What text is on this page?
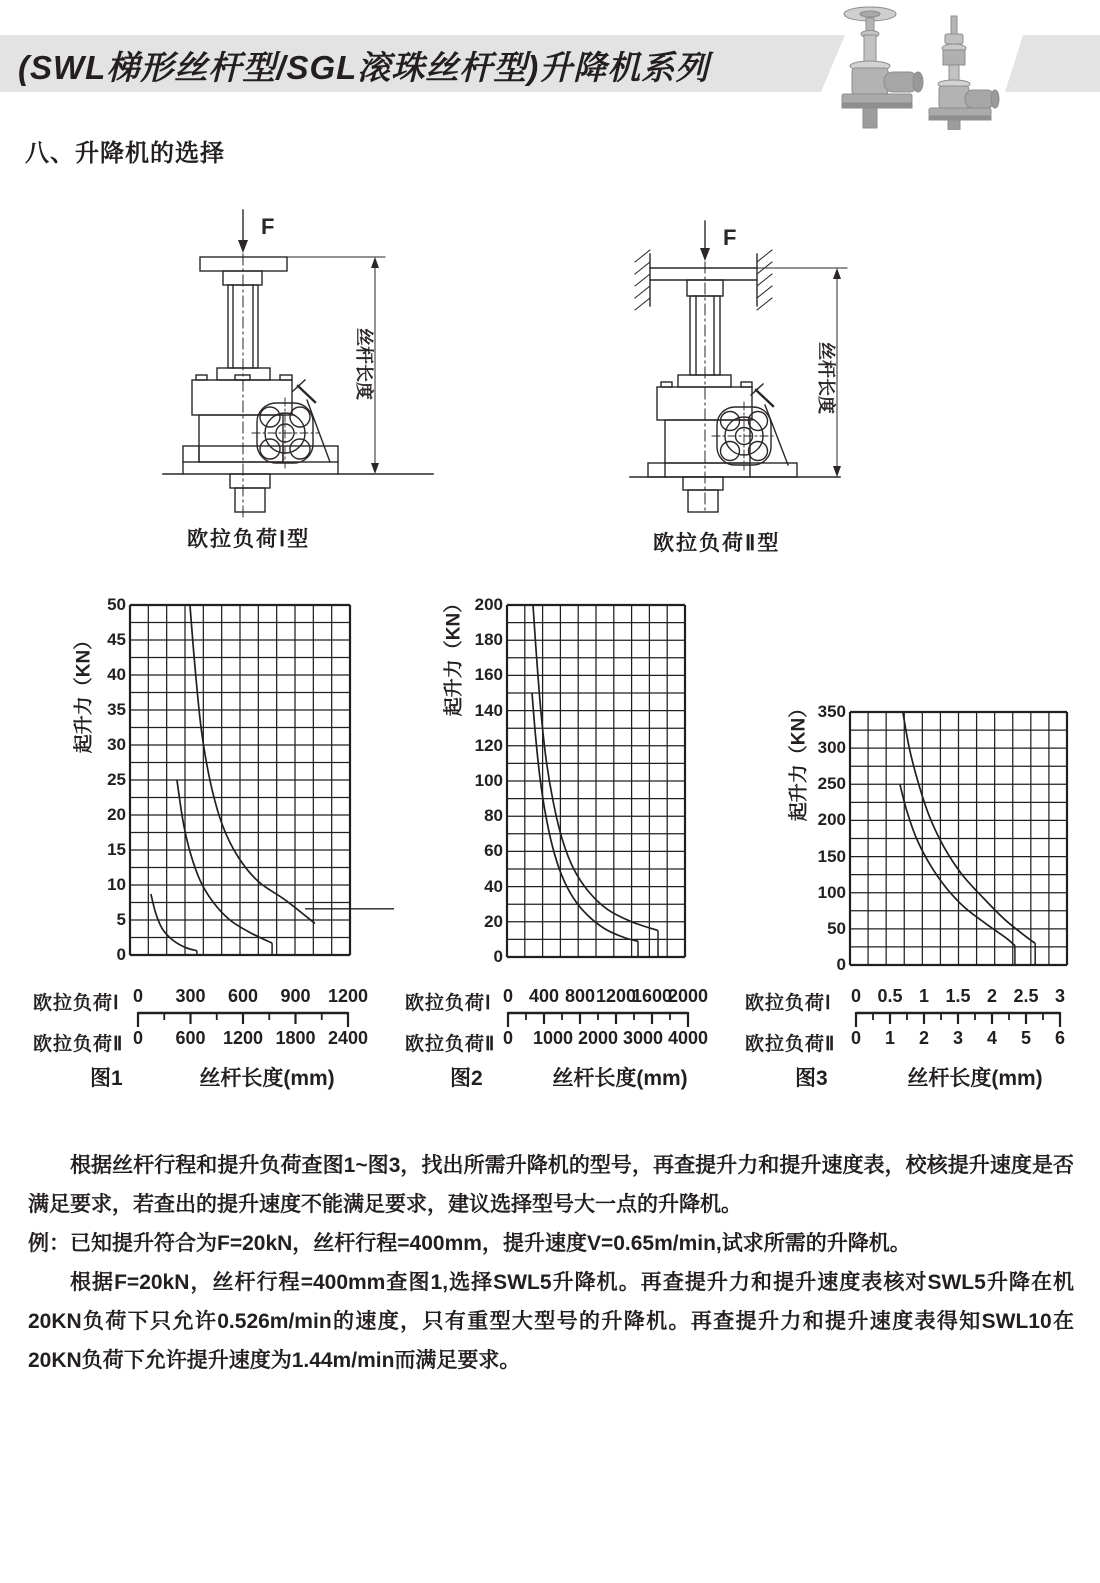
(SWL梯形丝杆型/SGL滚珠丝杆型)升降机系列
八、升降机的选择
F
丝杆长度
欧拉负荷Ⅰ型
F
丝杆长度
欧拉负荷Ⅱ型
起升力（KN）
欧拉负荷Ⅰ
欧拉负荷Ⅱ
图1	丝杆长度(mm)
起升力（KN）
欧拉负荷Ⅰ
欧拉负荷Ⅱ
图2	丝杆长度(mm)
起升力（KN）
欧拉负荷Ⅰ
欧拉负荷Ⅱ
图3	丝杆长度(mm)
0
5
10
15
20
25
30
35
40
45
50
0 300 600 900 1200
0 600 1200 1800 2400
0
20
40
60
80
100
120
140
160
180
200
0 400 800 1200
1600
2000
0 1000 2000 3000 4000
0
50
100
150
200
250
300
350
0 0.5 1 1.5 2 2.5 3
0 1 2 3 4 5 6

根据丝杆行程和提升负荷查图1~图3，找出所需升降机的型号，再查提升力和提升速度表，校核提升速度是否满足要求，若查出的提升速度不能满足要求，建议选择型号大一点的升降机。

例：已知提升符合为F=20kN，丝杆行程=400mm，提升速度V=0.65m/min,试求所需的升降机。

根据F=20kN，丝杆行程=400mm查图1,选择SWL5升降机。再查提升力和提升速度表核对SWL5升降在机20KN负荷下只允许0.526m/min的速度，只有重型大型号的升降机。再查提升力和提升速度表得知SWL10在20KN负荷下允许提升速度为1.44m/min而满足要求。
